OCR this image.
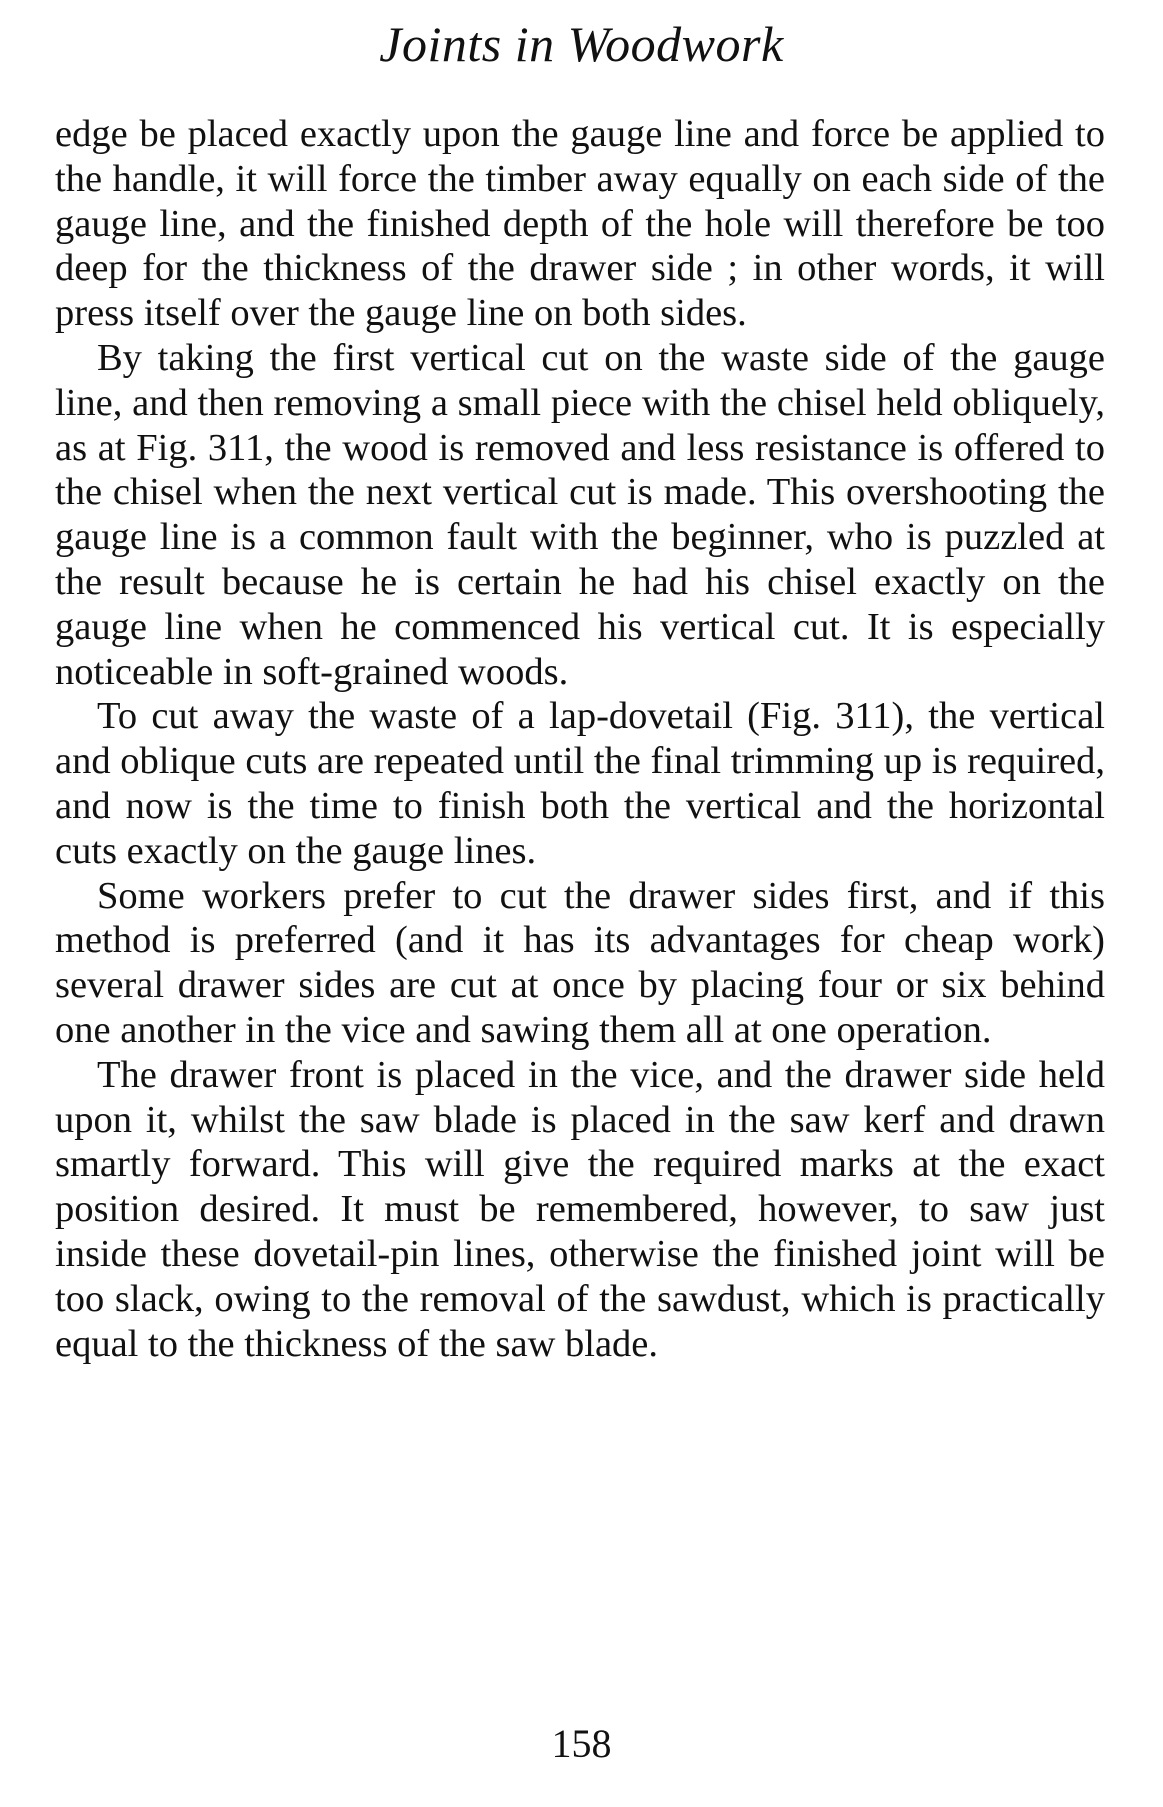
Joints in Woodwork

edge be placed exactly upon the gauge line and force be applied to the handle, it will force the timber away equally on each side of the gauge line, and the finished depth of the hole will therefore be too deep for the thickness of the drawer side ; in other words, it will press itself over the gauge line on both sides.

By taking the first vertical cut on the waste side of the gauge line, and then removing a small piece with the chisel held obliquely, as at Fig. 311, the wood is removed and less resistance is offered to the chisel when the next vertical cut is made. This overshooting the gauge line is a common fault with the beginner, who is puzzled at the result because he is certain he had his chisel exactly on the gauge line when he commenced his vertical cut. It is especially noticeable in soft-grained woods.

To cut away the waste of a lap-dovetail (Fig. 311), the vertical and oblique cuts are repeated until the final trimming up is required, and now is the time to finish both the vertical and the horizontal cuts exactly on the gauge lines.

Some workers prefer to cut the drawer sides first, and if this method is preferred (and it has its advantages for cheap work) several drawer sides are cut at once by placing four or six behind one another in the vice and sawing them all at one operation.

The drawer front is placed in the vice, and the drawer side held upon it, whilst the saw blade is placed in the saw kerf and drawn smartly forward. This will give the required marks at the exact position desired. It must be remembered, however, to saw just inside these dovetail-pin lines, otherwise the finished joint will be too slack, owing to the removal of the sawdust, which is practically equal to the thickness of the saw blade.

158
